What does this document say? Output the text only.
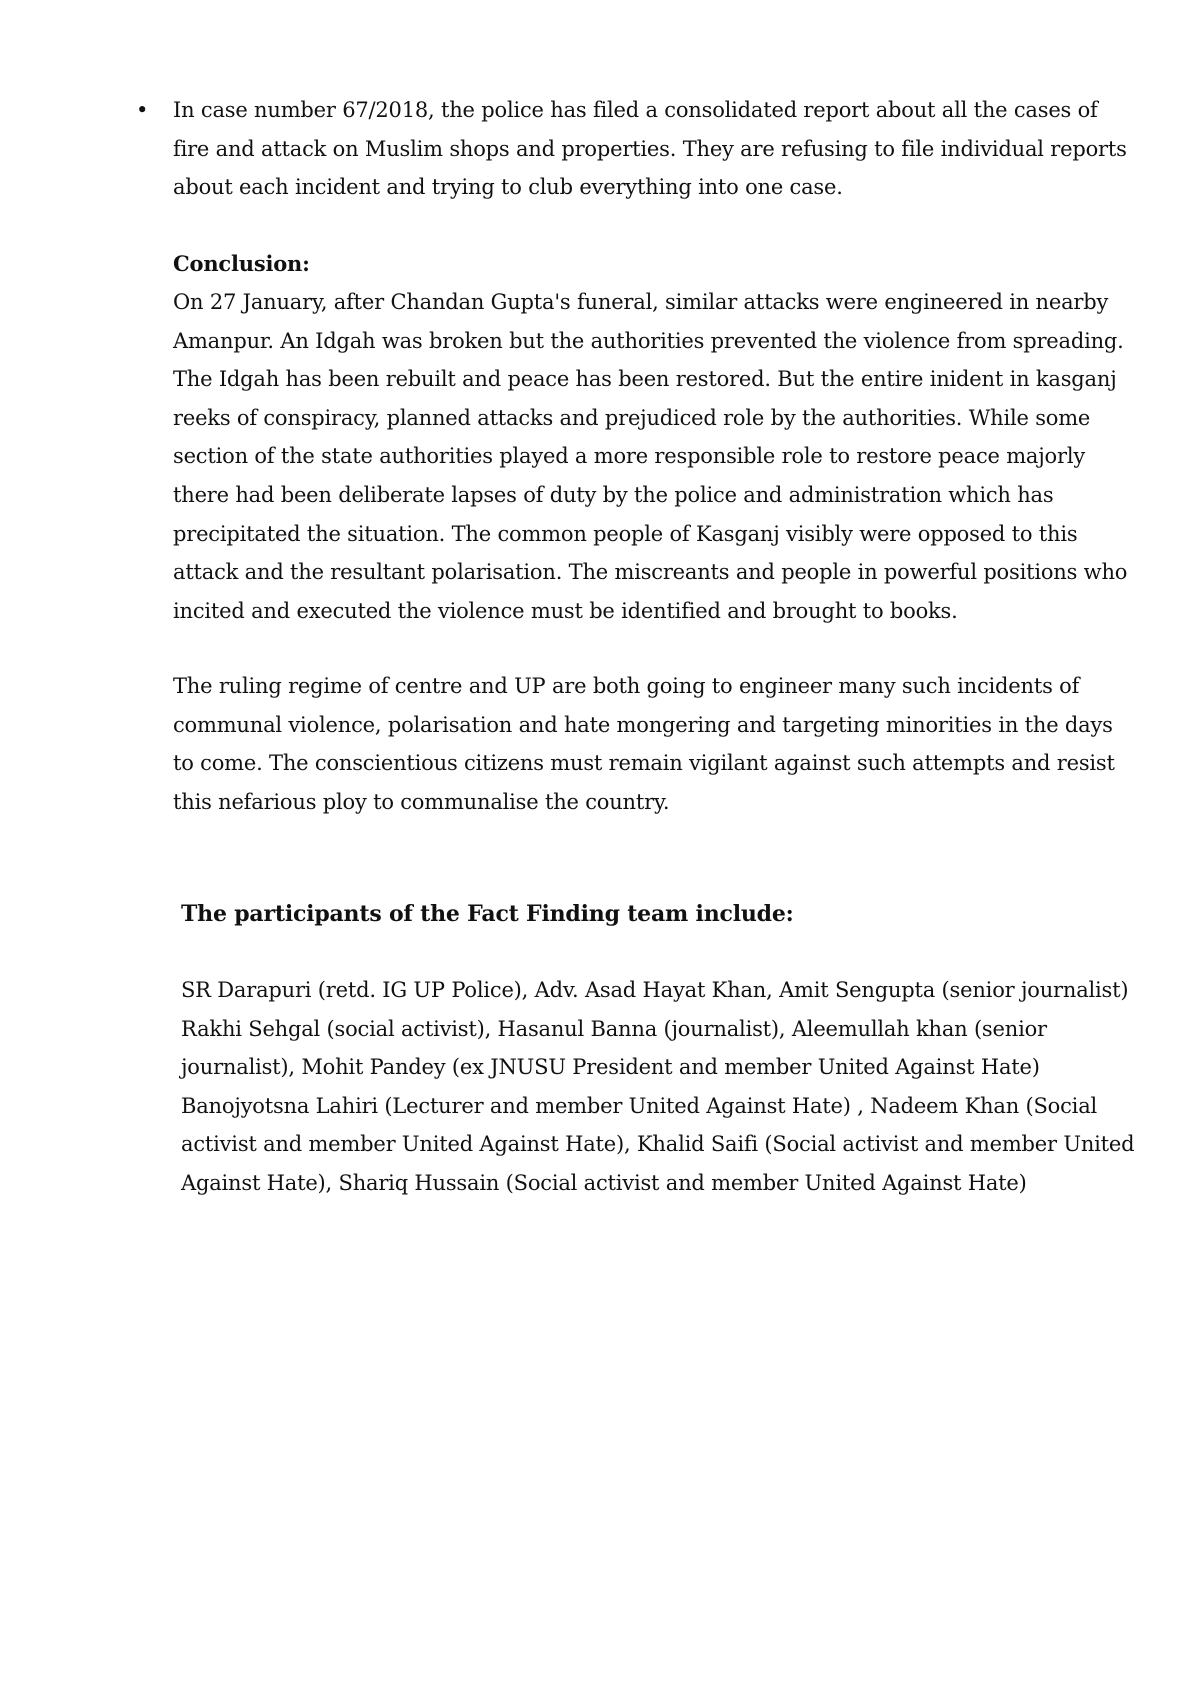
• In case number 67/2018, the police has filed a consolidated report about all the cases of
fire and attack on Muslim shops and properties. They are refusing to file individual reports
about each incident and trying to club everything into one case.
Conclusion:
On 27 January, after Chandan Gupta's funeral, similar attacks were engineered in nearby
Amanpur. An Idgah was broken but the authorities prevented the violence from spreading.
The Idgah has been rebuilt and peace has been restored. But the entire inident in kasganj
reeks of conspiracy, planned attacks and prejudiced role by the authorities. While some
section of the state authorities played a more responsible role to restore peace majorly
there had been deliberate lapses of duty by the police and administration which has
precipitated the situation. The common people of Kasganj visibly were opposed to this
attack and the resultant polarisation. The miscreants and people in powerful positions who
incited and executed the violence must be identified and brought to books.
The ruling regime of centre and UP are both going to engineer many such incidents of
communal violence, polarisation and hate mongering and targeting minorities in the days
to come. The conscientious citizens must remain vigilant against such attempts and resist
this nefarious ploy to communalise the country.
The participants of the Fact Finding team include:
SR Darapuri (retd. IG UP Police), Adv. Asad Hayat Khan, Amit Sengupta (senior journalist)
Rakhi Sehgal (social activist), Hasanul Banna (journalist), Aleemullah khan (senior
journalist), Mohit Pandey (ex JNUSU President and member United Against Hate)
Banojyotsna Lahiri (Lecturer and member United Against Hate) , Nadeem Khan (Social
activist and member United Against Hate), Khalid Saifi (Social activist and member United
Against Hate), Shariq Hussain (Social activist and member United Against Hate)
